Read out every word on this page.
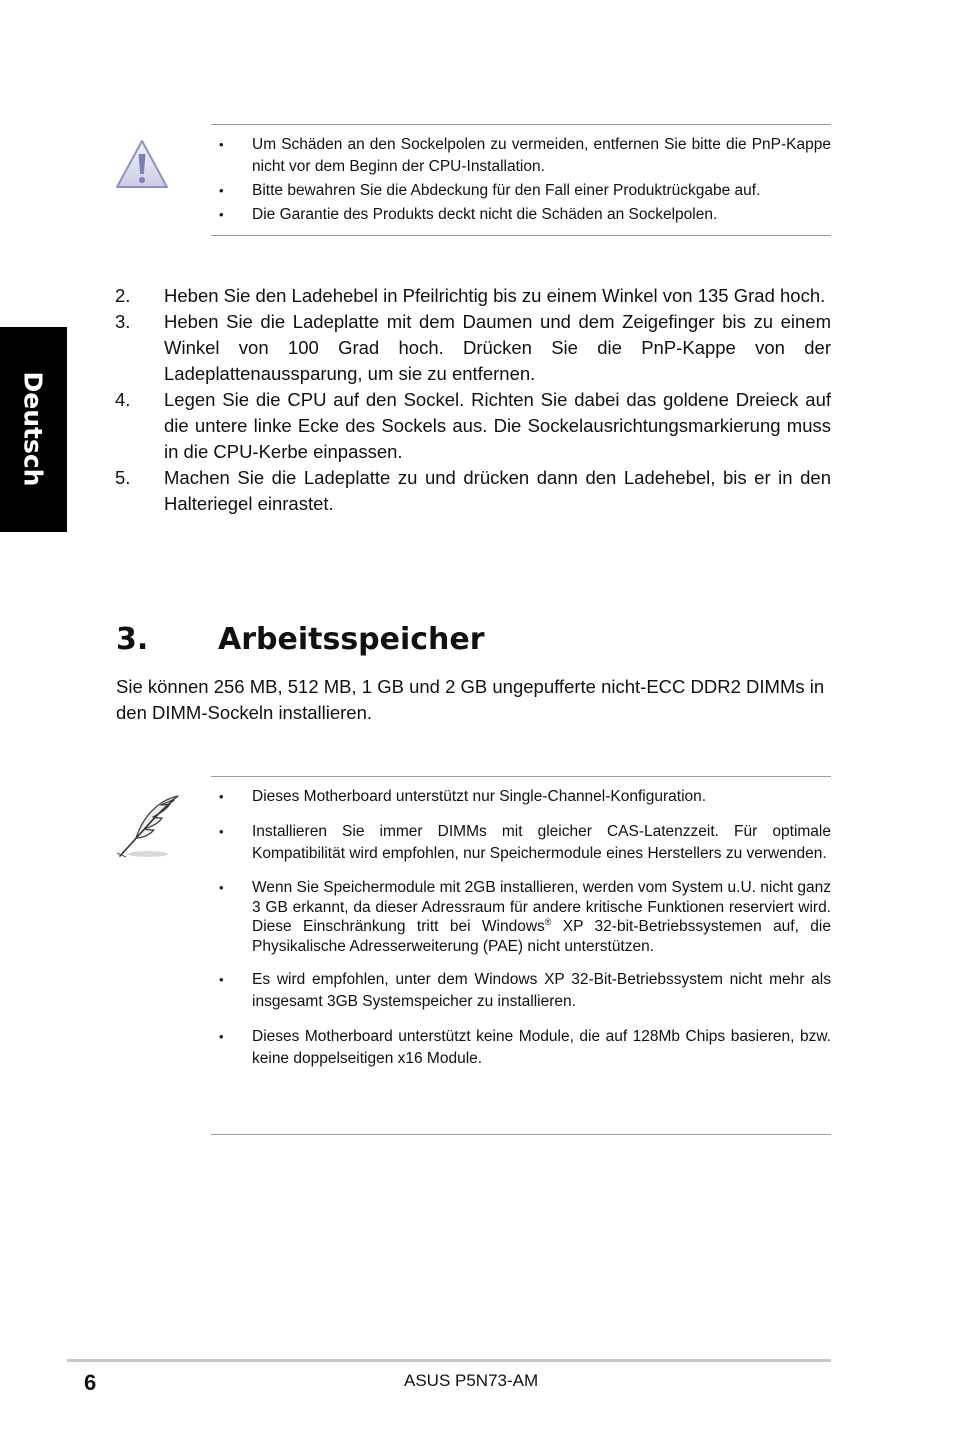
Deutsch
• Um Schäden an den Sockelpolen zu vermeiden, entfernen Sie bitte die PnP-Kappe nicht vor dem Beginn der CPU-Installation.
• Bitte bewahren Sie die Abdeckung für den Fall einer Produktrückgabe auf.
• Die Garantie des Produkts deckt nicht die Schäden an Sockelpolen.
2. Heben Sie den Ladehebel in Pfeilrichtig bis zu einem Winkel von 135 Grad hoch.
3. Heben Sie die Ladeplatte mit dem Daumen und dem Zeigefinger bis zu einem Winkel von 100 Grad hoch. Drücken Sie die PnP-Kappe von der Ladeplattenaussparung, um sie zu entfernen.
4. Legen Sie die CPU auf den Sockel. Richten Sie dabei das goldene Dreieck auf die untere linke Ecke des Sockels aus. Die Sockelausrichtungsmarkierung muss in die CPU-Kerbe einpassen.
5. Machen Sie die Ladeplatte zu und drücken dann den Ladehebel, bis er in den Halteriegel einrastet.
3. Arbeitsspeicher

Sie können 256 MB, 512 MB, 1 GB und 2 GB ungepufferte nicht-ECC DDR2 DIMMs in den DIMM-Sockeln installieren.

• Dieses Motherboard unterstützt nur Single-Channel-Konfiguration.
• Installieren Sie immer DIMMs mit gleicher CAS-Latenzzeit. Für optimale Kompatibilität wird empfohlen, nur Speichermodule eines Herstellers zu verwenden.
• Wenn Sie Speichermodule mit 2GB installieren, werden vom System u.U. nicht ganz 3 GB erkannt, da dieser Adressraum für andere kritische Funktionen reserviert wird. Diese Einschränkung tritt bei Windows® XP 32-bit-Betriebssystemen auf, die Physikalische Adresserweiterung (PAE) nicht unterstützen.
• Es wird empfohlen, unter dem Windows XP 32-Bit-Betriebssystem nicht mehr als insgesamt 3GB Systemspeicher zu installieren.
• Dieses Motherboard unterstützt keine Module, die auf 128Mb Chips basieren, bzw. keine doppelseitigen x16 Module.
6	ASUS P5N73-AM
